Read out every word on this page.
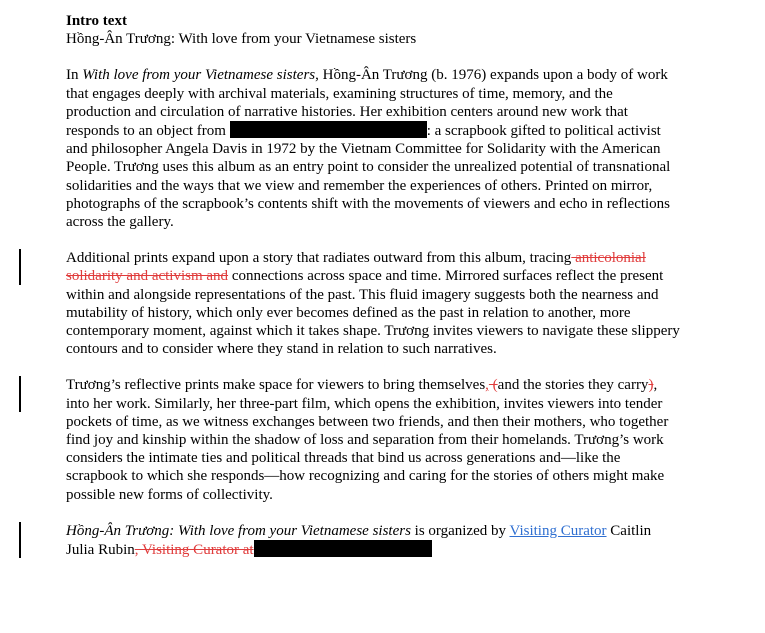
Intro text
Hồng-Ân Trương: With love from your Vietnamese sisters
In With love from your Vietnamese sisters, Hồng-Ân Trương (b. 1976) expands upon a body of work that engages deeply with archival materials, examining structures of time, memory, and the production and circulation of narrative histories. Her exhibition centers around new work that responds to an object from	: a scrapbook gifted to political activist and philosopher Angela Davis in 1972 by the Vietnam Committee for Solidarity with the American People. Trương uses this album as an entry point to consider the unrealized potential of transnational solidarities and the ways that we view and remember the experiences of others. Printed on mirror, photographs of the scrapbook’s contents shift with the movements of viewers and echo in reflections across the gallery.
Additional prints expand upon a story that radiates outward from this album, tracing anticolonial solidarity and activism and connections across space and time. Mirrored surfaces reflect the present within and alongside representations of the past. This fluid imagery suggests both the nearness and mutability of history, which only ever becomes defined as the past in relation to another, more contemporary moment, against which it takes shape. Trương invites viewers to navigate these slippery contours and to consider where they stand in relation to such narratives.
Trương’s reflective prints make space for viewers to bring themselves, (and the stories they carry), into her work. Similarly, her three-part film, which opens the exhibition, invites viewers into tender pockets of time, as we witness exchanges between two friends, and then their mothers, who together find joy and kinship within the shadow of loss and separation from their homelands. Trương’s work considers the intimate ties and political threads that bind us across generations and—like the scrapbook to which she responds—how recognizing and caring for the stories of others might make possible new forms of collectivity.
Hồng-Ân Trương: With love from your Vietnamese sisters is organized by Visiting Curator Caitlin Julia Rubin, Visiting Curator at
